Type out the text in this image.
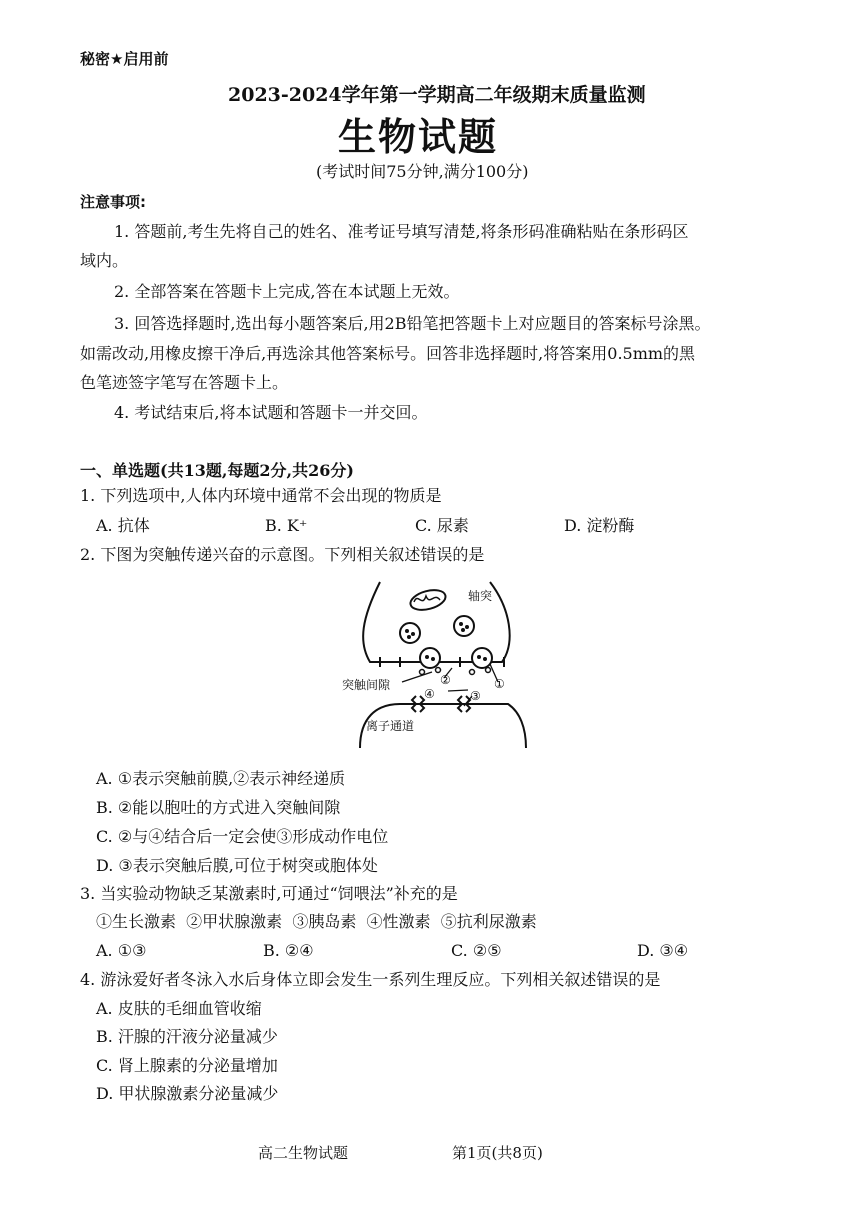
秘密★启用前
2023-2024学年第一学期高二年级期末质量监测
生物试题
(考试时间75分钟,满分100分)
注意事项:
1. 答题前,考生先将自己的姓名、准考证号填写清楚,将条形码准确粘贴在条形码区
域内。
2. 全部答案在答题卡上完成,答在本试题上无效。
3. 回答选择题时,选出每小题答案后,用2B铅笔把答题卡上对应题目的答案标号涂黑。
如需改动,用橡皮擦干净后,再选涂其他答案标号。回答非选择题时,将答案用0.5mm的黑
色笔迹签字笔写在答题卡上。
4. 考试结束后,将本试题和答题卡一并交回。
一、单选题(共13题,每题2分,共26分)
1. 下列选项中,人体内环境中通常不会出现的物质是
A. 抗体	B. K⁺	C. 尿素	D. 淀粉酶
2. 下图为突触传递兴奋的示意图。下列相关叙述错误的是
轴突
突触间隙
离子通道
②	①
④	③
A. ①表示突触前膜,②表示神经递质
B. ②能以胞吐的方式进入突触间隙
C. ②与④结合后一定会使③形成动作电位
D. ③表示突触后膜,可位于树突或胞体处
3. 当实验动物缺乏某激素时,可通过“饲喂法”补充的是
①生长激素  ②甲状腺激素  ③胰岛素  ④性激素  ⑤抗利尿激素
A. ①③	B. ②④	C. ②⑤	D. ③④
4. 游泳爱好者冬泳入水后身体立即会发生一系列生理反应。下列相关叙述错误的是
A. 皮肤的毛细血管收缩
B. 汗腺的汗液分泌量减少
C. 肾上腺素的分泌量增加
D. 甲状腺激素分泌量减少
高二生物试题	第1页(共8页)
